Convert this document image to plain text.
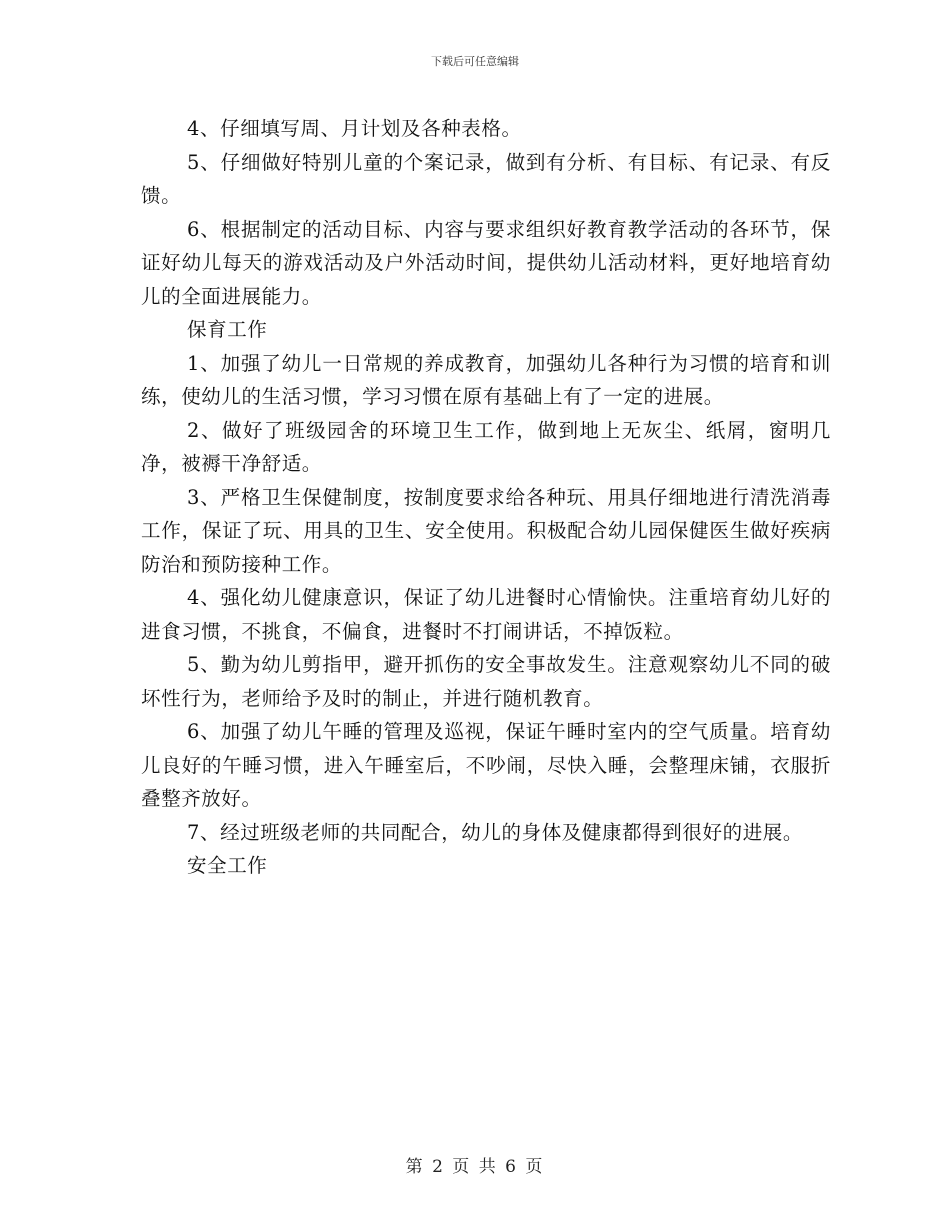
下载后可任意编辑

4、仔细填写周、月计划及各种表格。

5、仔细做好特别儿童的个案记录，做到有分析、有目标、有记录、有反馈。

6、根据制定的活动目标、内容与要求组织好教育教学活动的各环节，保证好幼儿每天的游戏活动及户外活动时间，提供幼儿活动材料，更好地培育幼儿的全面进展能力。

保育工作

1、加强了幼儿一日常规的养成教育，加强幼儿各种行为习惯的培育和训练，使幼儿的生活习惯，学习习惯在原有基础上有了一定的进展。

2、做好了班级园舍的环境卫生工作，做到地上无灰尘、纸屑，窗明几净，被褥干净舒适。

3、严格卫生保健制度，按制度要求给各种玩、用具仔细地进行清洗消毒工作，保证了玩、用具的卫生、安全使用。积极配合幼儿园保健医生做好疾病防治和预防接种工作。

4、强化幼儿健康意识，保证了幼儿进餐时心情愉快。注重培育幼儿好的进食习惯，不挑食，不偏食，进餐时不打闹讲话，不掉饭粒。

5、勤为幼儿剪指甲，避开抓伤的安全事故发生。注意观察幼儿不同的破坏性行为，老师给予及时的制止，并进行随机教育。

6、加强了幼儿午睡的管理及巡视，保证午睡时室内的空气质量。培育幼儿良好的午睡习惯，进入午睡室后，不吵闹，尽快入睡，会整理床铺，衣服折叠整齐放好。

7、经过班级老师的共同配合，幼儿的身体及健康都得到很好的进展。

安全工作

第 2 页 共 6 页
